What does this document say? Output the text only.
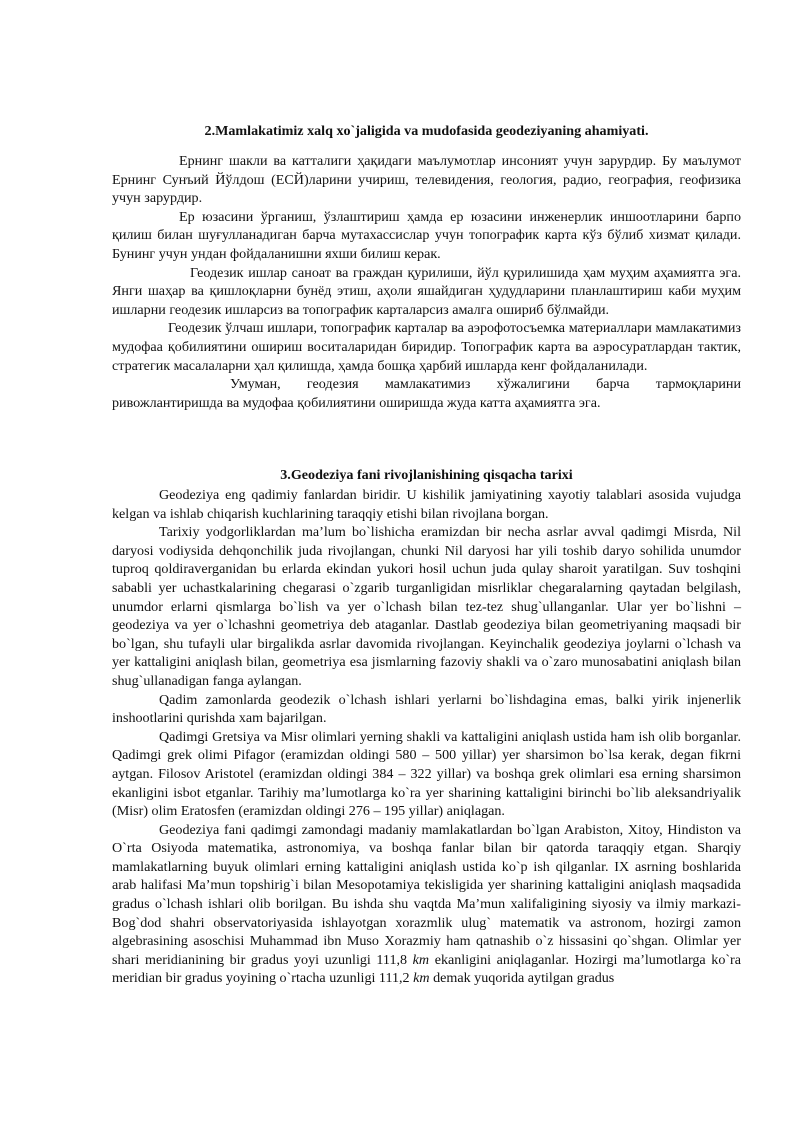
2.Mamlakatimiz xalq xo`jaligida va mudofasida geodeziyaning ahamiyati.

Ернинг шакли ва катталиги ҳақидаги маълумотлар инсоният учун зарурдир. Бу маълумот Ернинг Сунъий Йўлдош (ЕСЙ)ларини учириш, телевидения, геология, радио, география, геофизика учун зарурдир.

Ер юзасини ўрганиш, ўзлаштириш ҳамда ер юзасини инженерлик иншоотларини барпо қилиш билан шуғулланадиган барча мутахассислар учун топографик карта кўз бўлиб хизмат қилади. Бунинг учун ундан фойдаланишни яхши билиш керак.

Геодезик ишлар саноат ва граждан қурилиши, йўл қурилишида ҳам муҳим аҳамиятга эга. Янги шаҳар ва қишлоқларни бунёд этиш, аҳоли яшайдиган ҳудудларини планлаштириш каби муҳим ишларни геодезик ишларсиз ва топографик карталарсиз амалга ошириб бўлмайди.

Геодезик ўлчаш ишлари, топографик карталар ва аэрофотосъемка материаллари мамлакатимиз мудофаа қобилиятини ошириш воситаларидан биридир. Топографик карта ва аэросуратлардан тактик, стратегик масалаларни ҳал қилишда, ҳамда бошқа ҳарбий ишларда кенг фойдаланилади.

Умуман, геодезия мамлакатимиз хўжалигини барча тармоқларини ривожлантиришда ва мудофаа қобилиятини оширишда жуда катта аҳамиятга эга.

3.Geodeziya fani rivojlanishining qisqacha tarixi

Geodeziya eng qadimiy fanlardan biridir. U kishilik jamiyatining xayotiy talablari asosida vujudga kelgan va ishlab chiqarish kuchlarining taraqqiy etishi bilan rivojlana borgan.

Tarixiy yodgorliklardan ma’lum bo`lishicha eramizdan bir necha asrlar avval qadimgi Misrda, Nil daryosi vodiysida dehqonchilik juda rivojlangan, chunki Nil daryosi har yili toshib daryo sohilida unumdor tuproq qoldiraverganidan bu erlarda ekindan yukori hosil uchun juda qulay sharoit yaratilgan. Suv toshqini sababli yer uchastkalarining chegarasi o`zgarib turganligidan misrliklar chegaralarning qaytadan belgilash, unumdor erlarni qismlarga bo`lish va yer o`lchash bilan tez-tez shug`ullanganlar. Ular yer bo`lishni – geodeziya va yer o`lchashni geometriya deb ataganlar. Dastlab geodeziya bilan geometriyaning maqsadi bir bo`lgan, shu tufayli ular birgalikda asrlar davomida rivojlangan. Keyinchalik geodeziya joylarni o`lchash va yer kattaligini aniqlash bilan, geometriya esa jismlarning fazoviy shakli va o`zaro munosabatini aniqlash bilan shug`ullanadigan fanga aylangan.

Qadim zamonlarda geodezik o`lchash ishlari yerlarni bo`lishdagina emas, balki yirik injenerlik inshootlarini qurishda xam bajarilgan.

Qadimgi Gretsiya va Misr olimlari yerning shakli va kattaligini aniqlash ustida ham ish olib borganlar. Qadimgi grek olimi Pifagor (eramizdan oldingi 580 – 500 yillar) yer sharsimon bo`lsa kerak, degan fikrni aytgan. Filosov Aristotel (eramizdan oldingi 384 – 322 yillar) va boshqa grek olimlari esa erning sharsimon ekanligini isbot etganlar. Tarihiy ma’lumotlarga ko`ra yer sharining kattaligini birinchi bo`lib aleksandriyalik (Misr) olim Eratosfen (eramizdan oldingi 276 – 195 yillar) aniqlagan.

Geodeziya fani qadimgi zamondagi madaniy mamlakatlardan bo`lgan Arabiston, Xitoy, Hindiston va O`rta Osiyoda matematika, astronomiya, va boshqa fanlar bilan bir qatorda taraqqiy etgan. Sharqiy mamlakatlarning buyuk olimlari erning kattaligini aniqlash ustida ko`p ish qilganlar. IX asrning boshlarida arab halifasi Ma’mun topshirig`i bilan Mesopotamiya tekisligida yer sharining kattaligini aniqlash maqsadida gradus o`lchash ishlari olib borilgan. Bu ishda shu vaqtda Ma’mun xalifaligining siyosiy va ilmiy markazi-Bog`dod shahri observatoriyasida ishlayotgan xorazmlik ulug` matematik va astronom, hozirgi zamon algebrasining asoschisi Muhammad ibn Muso Xorazmiy ham qatnashib o`z hissasini qo`shgan. Olimlar yer shari meridianining bir gradus yoyi uzunligi 111,8 km ekanligini aniqlaganlar. Hozirgi ma’lumotlarga ko`ra meridian bir gradus yoyining o`rtacha uzunligi 111,2 km demak yuqorida aytilgan gradus
